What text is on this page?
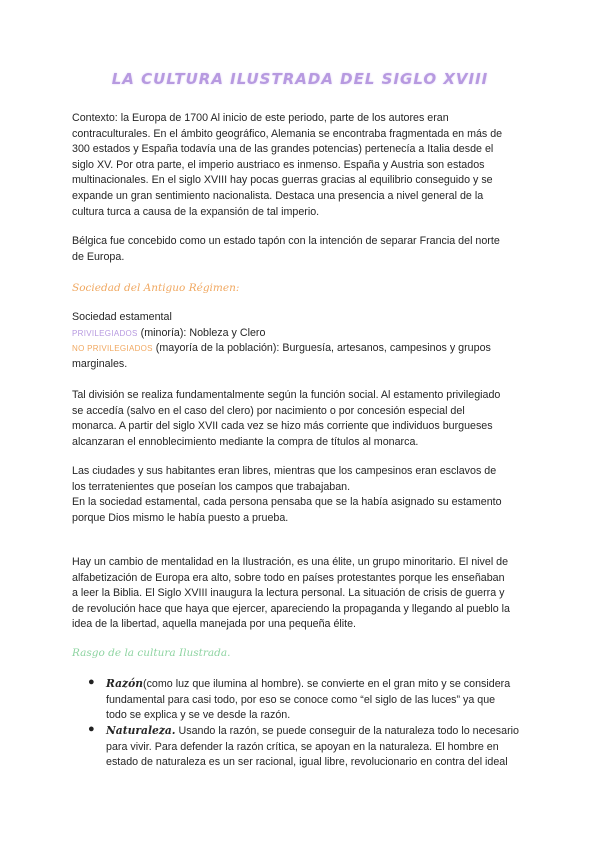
LA CULTURA ILUSTRADA DEL SIGLO XVIII
Contexto: la Europa de 1700 Al inicio de este periodo, parte de los autores eran
contraculturales. En el ámbito geográfico, Alemania se encontraba fragmentada en más de
300 estados y España todavía una de las grandes potencias) pertenecía a Italia desde el
siglo XV. Por otra parte, el imperio austriaco es inmenso. España y Austria son estados
multinacionales. En el siglo XVIII hay pocas guerras gracias al equilibrio conseguido y se
expande un gran sentimiento nacionalista. Destaca una presencia a nivel general de la
cultura turca a causa de la expansión de tal imperio.
Bélgica fue concebido como un estado tapón con la intención de separar Francia del norte
de Europa.
Sociedad del Antiguo Régimen:
Sociedad estamental
PRIVILEGIADOS (minoría): Nobleza y Clero
NO PRIVILEGIADOS (mayoría de la población): Burguesía, artesanos, campesinos y grupos
marginales.
Tal división se realiza fundamentalmente según la función social. Al estamento privilegiado
se accedía (salvo en el caso del clero) por nacimiento o por concesión especial del
monarca. A partir del siglo XVII cada vez se hizo más corriente que individuos burgueses
alcanzaran el ennoblecimiento mediante la compra de títulos al monarca.
Las ciudades y sus habitantes eran libres, mientras que los campesinos eran esclavos de
los terratenientes que poseían los campos que trabajaban.
En la sociedad estamental, cada persona pensaba que se la había asignado su estamento
porque Dios mismo le había puesto a prueba.
Hay un cambio de mentalidad en la Ilustración, es una élite, un grupo minoritario. El nivel de
alfabetización de Europa era alto, sobre todo en países protestantes porque les enseñaban
a leer la Biblia. El Siglo XVIII inaugura la lectura personal. La situación de crisis de guerra y
de revolución hace que haya que ejercer, apareciendo la propaganda y llegando al pueblo la
idea de la libertad, aquella manejada por una pequeña élite.
Rasgo de la cultura Ilustrada.
● Razón(como luz que ilumina al hombre). se convierte en el gran mito y se considera
fundamental para casi todo, por eso se conoce como “el siglo de las luces” ya que
todo se explica y se ve desde la razón.
● Naturaleza. Usando la razón, se puede conseguir de la naturaleza todo lo necesario
para vivir. Para defender la razón crítica, se apoyan en la naturaleza. El hombre en
estado de naturaleza es un ser racional, igual libre, revolucionario en contra del ideal
